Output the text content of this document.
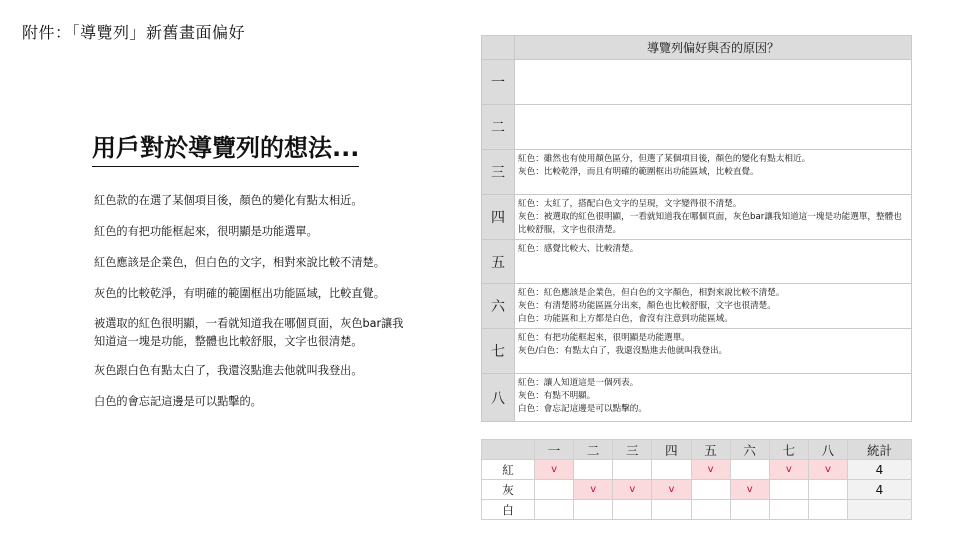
附件：「導覽列」新舊畫面偏好
用戶對於導覽列的想法...

紅色款的在選了某個項目後，顏色的變化有點太相近。

紅色的有把功能框起來，很明顯是功能選單。

紅色應該是企業色，但白色的文字，相對來說比較不清楚。

灰色的比較乾淨，有明確的範圍框出功能區域，比較直覺。

被選取的紅色很明顯，一看就知道我在哪個頁面，灰色bar讓我知道這一塊是功能，整體也比較舒服，文字也很清楚。

灰色跟白色有點太白了，我還沒點進去他就叫我登出。

白色的會忘記這邊是可以點擊的。

	導覽列偏好與否的原因？
一	
二	
三	紅色：雖然也有使用顏色區分，但選了某個項目後，顏色的變化有點太相近。
灰色：比較乾淨，而且有明確的範圍框出功能區域，比較直覺。

四	紅色：太紅了，搭配白色文字的呈現，文字變得很不清楚。
灰色：被選取的紅色很明顯，一看就知道我在哪個頁面，灰色bar讓我知道這一塊是功能選單，整體也比較舒服，文字也很清楚。

五	紅色：感覺比較大、比較清楚。

六	紅色：紅色應該是企業色，但白色的文字顏色，相對來說比較不清楚。
灰色：有清楚將功能區區分出來，顏色也比較舒服，文字也很清楚。
白色：功能區和上方都是白色，會沒有注意到功能區域。

七	紅色：有把功能框起來，很明顯是功能選單。
灰色/白色：有點太白了，我還沒點進去他就叫我登出。

八	紅色：讓人知道這是一個列表。
灰色：有點不明顯。
白色：會忘記這邊是可以點擊的。
	一	二	三	四	五	六	七	八	統計
紅	v				v		v	v	4
灰		v	v	v		v			4
白									
